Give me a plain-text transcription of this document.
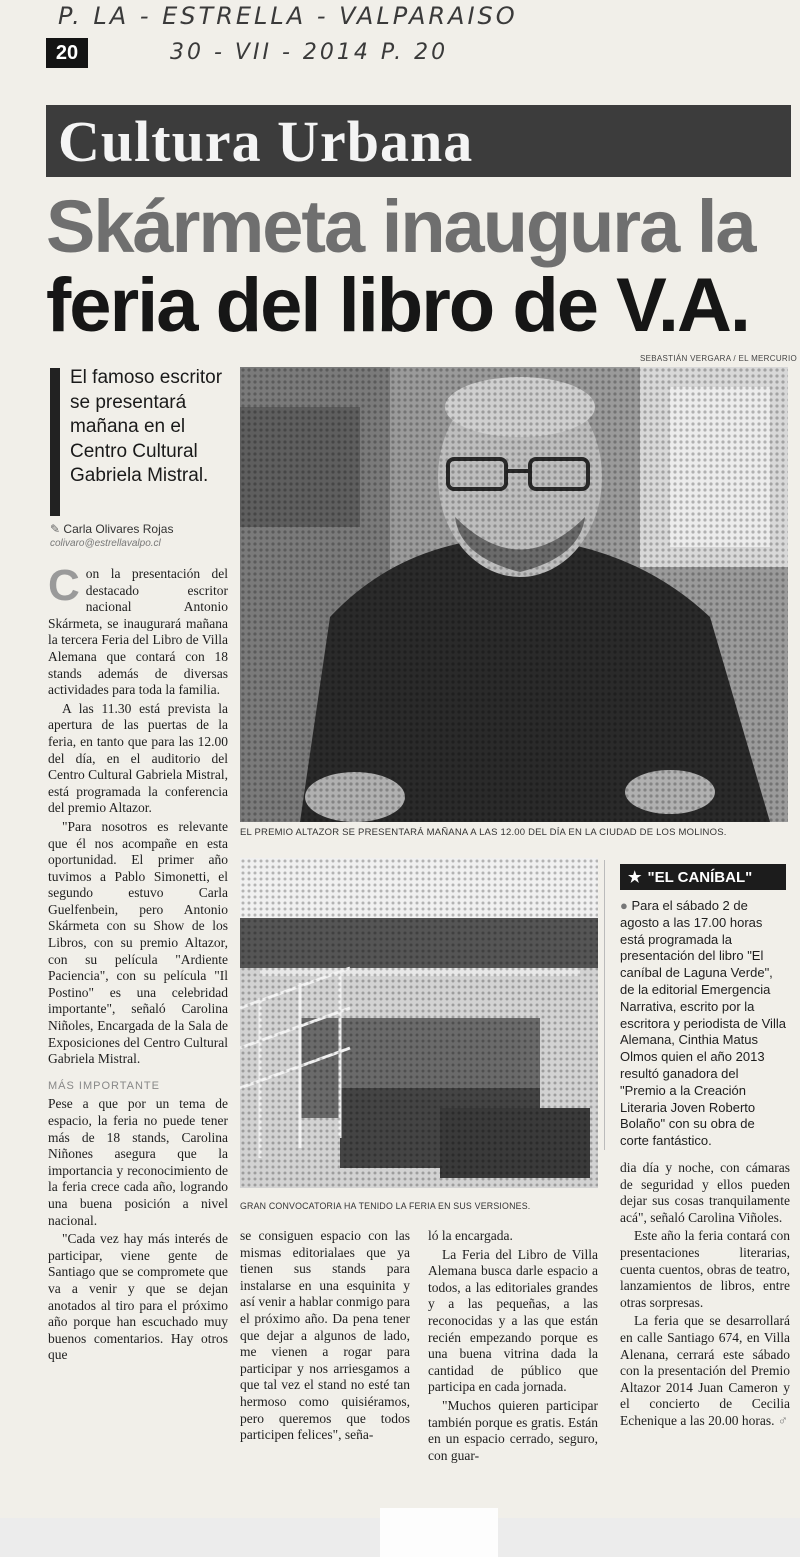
P. LA - ESTRELLA - VALPARAISO
30 - VII - 2014 P. 20
20
Cultura Urbana
Skármeta inaugura la
feria del libro de V.A.
SEBASTIÁN VERGARA / EL MERCURIO
El famoso escritor se presentará mañana en el Centro Cultural Gabriela Mistral.
✎ Carla Olivares Rojas
colivaro@estrellavalpo.cl

C on la presentación del destacado escritor nacional Antonio Skármeta, se inaugurará mañana la tercera Feria del Libro de Villa Alemana que contará con 18 stands además de diversas actividades para toda la familia.

A las 11.30 está prevista la apertura de las puertas de la feria, en tanto que para las 12.00 del día, en el auditorio del Centro Cultural Gabriela Mistral, está programada la conferencia del premio Altazor.

"Para nosotros es relevante que él nos acompañe en esta oportunidad. El primer año tuvimos a Pablo Simonetti, el segundo estuvo Carla Guelfenbein, pero Antonio Skármeta con su Show de los Libros, con su premio Altazor, con su película "Ardiente Paciencia", con su película "Il Postino" es una celebridad importante", señaló Carolina Niñoles, Encargada de la Sala de Exposiciones del Centro Cultural Gabriela Mistral.

MÁS IMPORTANTE

Pese a que por un tema de espacio, la feria no puede tener más de 18 stands, Carolina Niñones asegura que la importancia y reconocimiento de la feria crece cada año, logrando una buena posición a nivel nacional.

"Cada vez hay más interés de participar, viene gente de Santiago que se compromete que va a venir y que se dejan anotados al tiro para el próximo año porque han escuchado muy buenos comentarios. Hay otros que

EL PREMIO ALTAZOR SE PRESENTARÁ MAÑANA A LAS 12.00 DEL DÍA EN LA CIUDAD DE LOS MOLINOS.

se consiguen espacio con las mismas editorialaes que ya tienen sus stands para instalarse en una esquinita y así venir a hablar conmigo para el próximo año. Da pena tener que dejar a algunos de lado, me vienen a rogar para participar y nos arriesgamos a que tal vez el stand no esté tan hermoso como quisiéramos, pero queremos que todos participen felices", seña-

GRAN CONVOCATORIA HA TENIDO LA FERIA EN SUS VERSIONES.

ló la encargada.

La Feria del Libro de Villa Alemana busca darle espacio a todos, a las editoriales grandes y a las pequeñas, a las reconocidas y a las que están recién empezando porque es una buena vitrina dada la cantidad de público que participa en cada jornada.

"Muchos quieren participar también porque es gratis. Están en un espacio cerrado, seguro, con guar-

★ "EL CANÍBAL"
● Para el sábado 2 de agosto a las 17.00 horas está programada la presentación del libro "El caníbal de Laguna Verde", de la editorial Emergencia Narrativa, escrito por la escritora y periodista de Villa Alemana, Cinthia Matus Olmos quien el año 2013 resultó ganadora del "Premio a la Creación Literaria Joven Roberto Bolaño" con su obra de corte fantástico.

dia día y noche, con cámaras de seguridad y ellos pueden dejar sus cosas tranquilamente acá", señaló Carolina Viñoles.

Este año la feria contará con presentaciones literarias, cuenta cuentos, obras de teatro, lanzamientos de libros, entre otras sorpresas.

La feria que se desarrollará en calle Santiago 674, en Villa Alenana, cerrará este sábado con la presentación del Premio Altazor 2014 Juan Cameron y el concierto de Cecilia Echenique a las 20.00 horas. ♂
